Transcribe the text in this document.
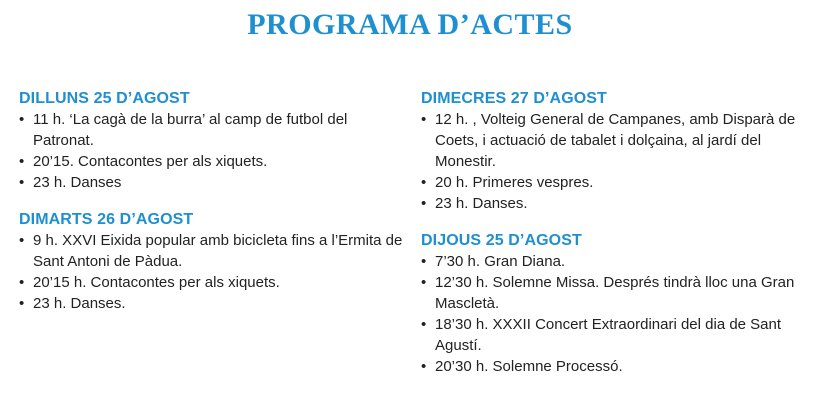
PROGRAMA D’ACTES
DILLUNS 25 D’AGOST
• 11 h. ‘La cagà de la burra’ al camp de futbol del Patronat.
• 20’15. Contacontes per als xiquets.
• 23 h. Danses
DIMARTS 26 D’AGOST
• 9 h. XXVI Eixida popular amb bicicleta fins a l’Ermita de Sant Antoni de Pàdua.
• 20’15 h. Contacontes per als xiquets.
• 23 h. Danses.
DIMECRES 27 D’AGOST
• 12 h. , Volteig General de Campanes, amb Disparà de Coets, i actuació de tabalet i dolçaina, al jardí del Monestir.
• 20 h. Primeres vespres.
• 23 h. Danses.
DIJOUS 25 D’AGOST
• 7’30 h. Gran Diana.
• 12’30 h. Solemne Missa. Després tindrà lloc una Gran Mascletà.
• 18’30 h. XXXII Concert Extraordinari del dia de Sant Agustí.
• 20’30 h. Solemne Processó.
